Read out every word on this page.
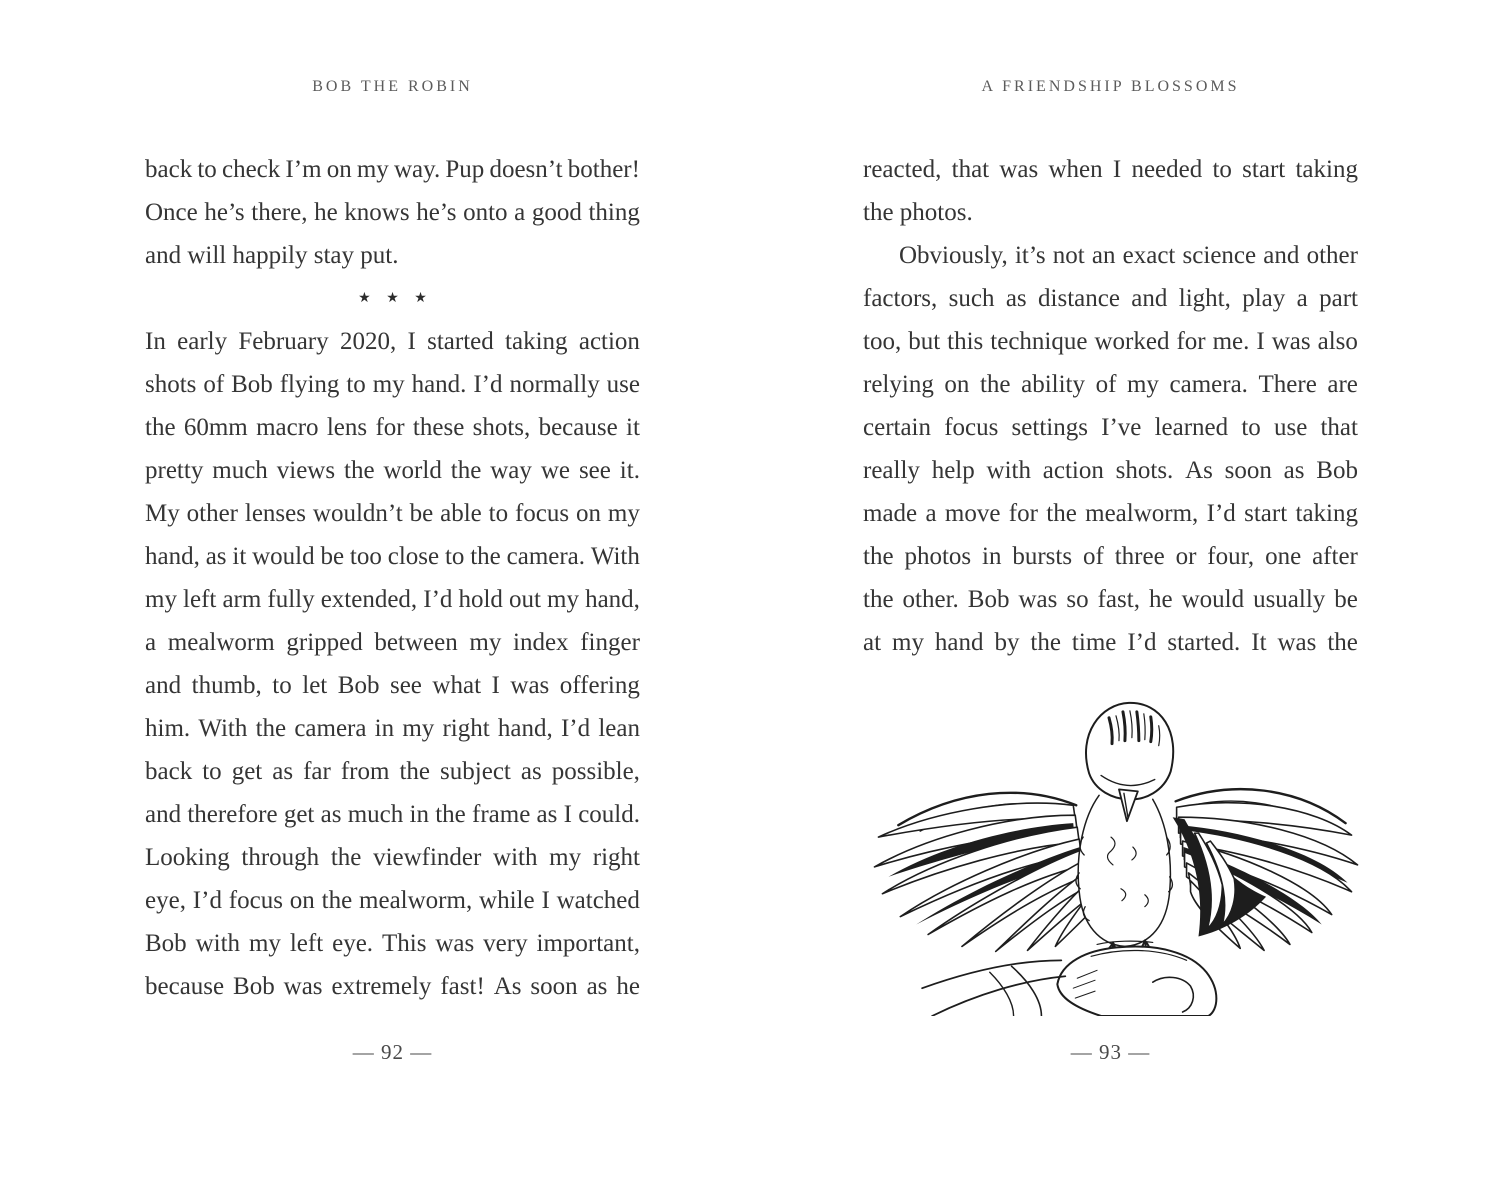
BOB THE ROBIN	A FRIENDSHIP BLOSSOMS
back to check I’m on my way. Pup doesn’t bother!
Once he’s there, he knows he’s onto a good thing
and will happily stay put.
★ ★ ★
In early February 2020, I started taking action
shots of Bob flying to my hand. I’d normally use
the 60mm macro lens for these shots, because it
pretty much views the world the way we see it.
My other lenses wouldn’t be able to focus on my
hand, as it would be too close to the camera. With
my left arm fully extended, I’d hold out my hand,
a mealworm gripped between my index finger
and thumb, to let Bob see what I was offering
him. With the camera in my right hand, I’d lean
back to get as far from the subject as possible,
and therefore get as much in the frame as I could.
Looking through the viewfinder with my right
eye, I’d focus on the mealworm, while I watched
Bob with my left eye. This was very important,
because Bob was extremely fast! As soon as he
reacted, that was when I needed to start taking
the photos.
Obviously, it’s not an exact science and other
factors, such as distance and light, play a part
too, but this technique worked for me. I was also
relying on the ability of my camera. There are
certain focus settings I’ve learned to use that
really help with action shots. As soon as Bob
made a move for the mealworm, I’d start taking
the photos in bursts of three or four, one after
the other. Bob was so fast, he would usually be
at my hand by the time I’d started. It was the
— 92 —	— 93 —
